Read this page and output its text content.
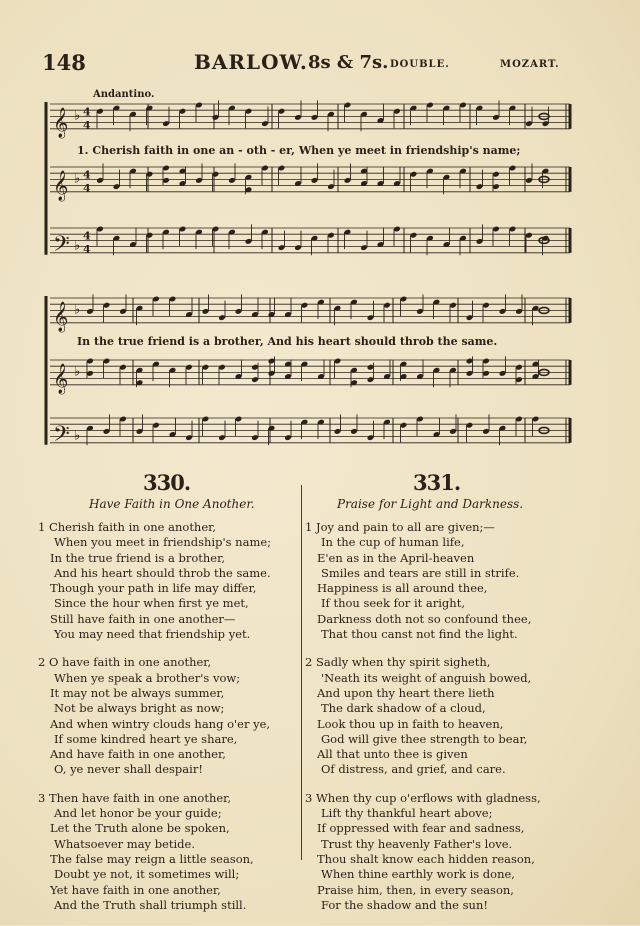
148	BARLOW. 8s & 7s. DOUBLE.	MOZART.
Andantino.
𝄞 ♭ 4
4
𝄞 ♭ 4
4
𝄢 ♭
4
4
𝄞 ♭
𝄞 ♭
𝄢 ♭
1. Cherish faith in one an - oth - er, When ye meet in friendship's name;
In the true friend is a brother, And his heart should throb the same.
330.	331.
Have Faith in One Another.	Praise for Light and Darkness.
1 Cherish faith in one another,
When you meet in friendship's name;
In the true friend is a brother,
And his heart should throb the same.
Though your path in life may differ,
Since the hour when first ye met,
Still have faith in one another—
You may need that friendship yet.
2 O have faith in one another,
When ye speak a brother's vow;
It may not be always summer,
Not be always bright as now;
And when wintry clouds hang o'er ye,
If some kindred heart ye share,
And have faith in one another,
O, ye never shall despair!
3 Then have faith in one another,
And let honor be your guide;
Let the Truth alone be spoken,
Whatsoever may betide.
The false may reign a little season,
Doubt ye not, it sometimes will;
Yet have faith in one another,
And the Truth shall triumph still.
1 Joy and pain to all are given;—
In the cup of human life,
E'en as in the April-heaven
Smiles and tears are still in strife.
Happiness is all around thee,
If thou seek for it aright,
Darkness doth not so confound thee,
That thou canst not find the light.
2 Sadly when thy spirit sigheth,
'Neath its weight of anguish bowed,
And upon thy heart there lieth
The dark shadow of a cloud,
Look thou up in faith to heaven,
God will give thee strength to bear,
All that unto thee is given
Of distress, and grief, and care.
3 When thy cup o'erflows with gladness,
Lift thy thankful heart above;
If oppressed with fear and sadness,
Trust thy heavenly Father's love.
Thou shalt know each hidden reason,
When thine earthly work is done,
Praise him, then, in every season,
For the shadow and the sun!
